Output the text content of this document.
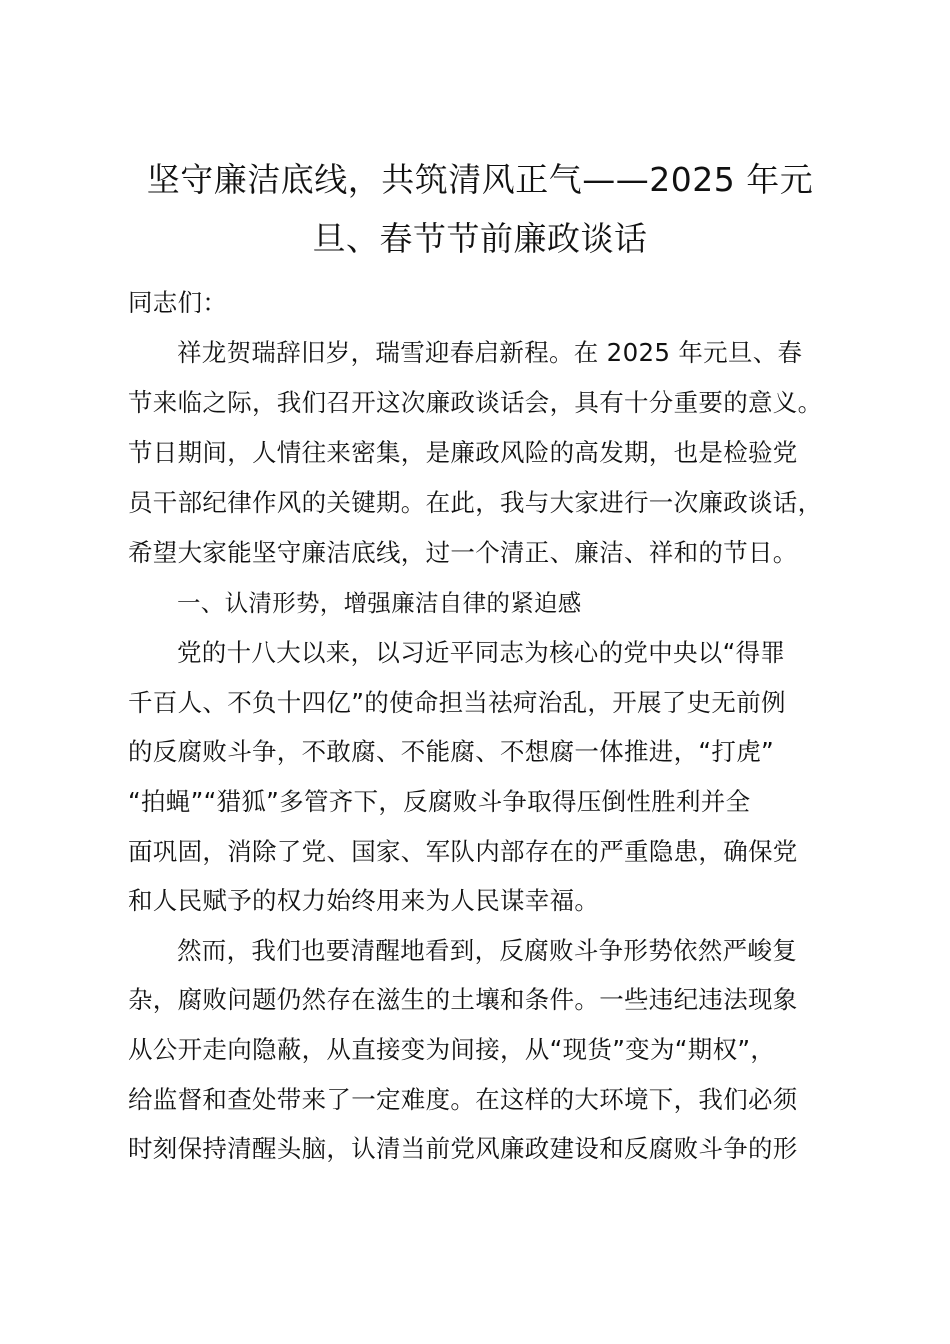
坚守廉洁底线，共筑清风正气——2025 年元
旦、春节节前廉政谈话
同志们：
祥龙贺瑞辞旧岁，瑞雪迎春启新程。在 2025 年元旦、春
节来临之际，我们召开这次廉政谈话会，具有十分重要的意义。
节日期间，人情往来密集，是廉政风险的高发期，也是检验党
员干部纪律作风的关键期。在此，我与大家进行一次廉政谈话，
希望大家能坚守廉洁底线，过一个清正、廉洁、祥和的节日。
一、认清形势，增强廉洁自律的紧迫感
党的十八大以来，以习近平同志为核心的党中央以“得罪
千百人、不负十四亿”的使命担当祛疴治乱，开展了史无前例
的反腐败斗争，不敢腐、不能腐、不想腐一体推进，“打虎”
“拍蝇”“猎狐”多管齐下，反腐败斗争取得压倒性胜利并全
面巩固，消除了党、国家、军队内部存在的严重隐患，确保党
和人民赋予的权力始终用来为人民谋幸福。
然而，我们也要清醒地看到，反腐败斗争形势依然严峻复
杂，腐败问题仍然存在滋生的土壤和条件。一些违纪违法现象
从公开走向隐蔽，从直接变为间接，从“现货”变为“期权”，
给监督和查处带来了一定难度。在这样的大环境下，我们必须
时刻保持清醒头脑，认清当前党风廉政建设和反腐败斗争的形
